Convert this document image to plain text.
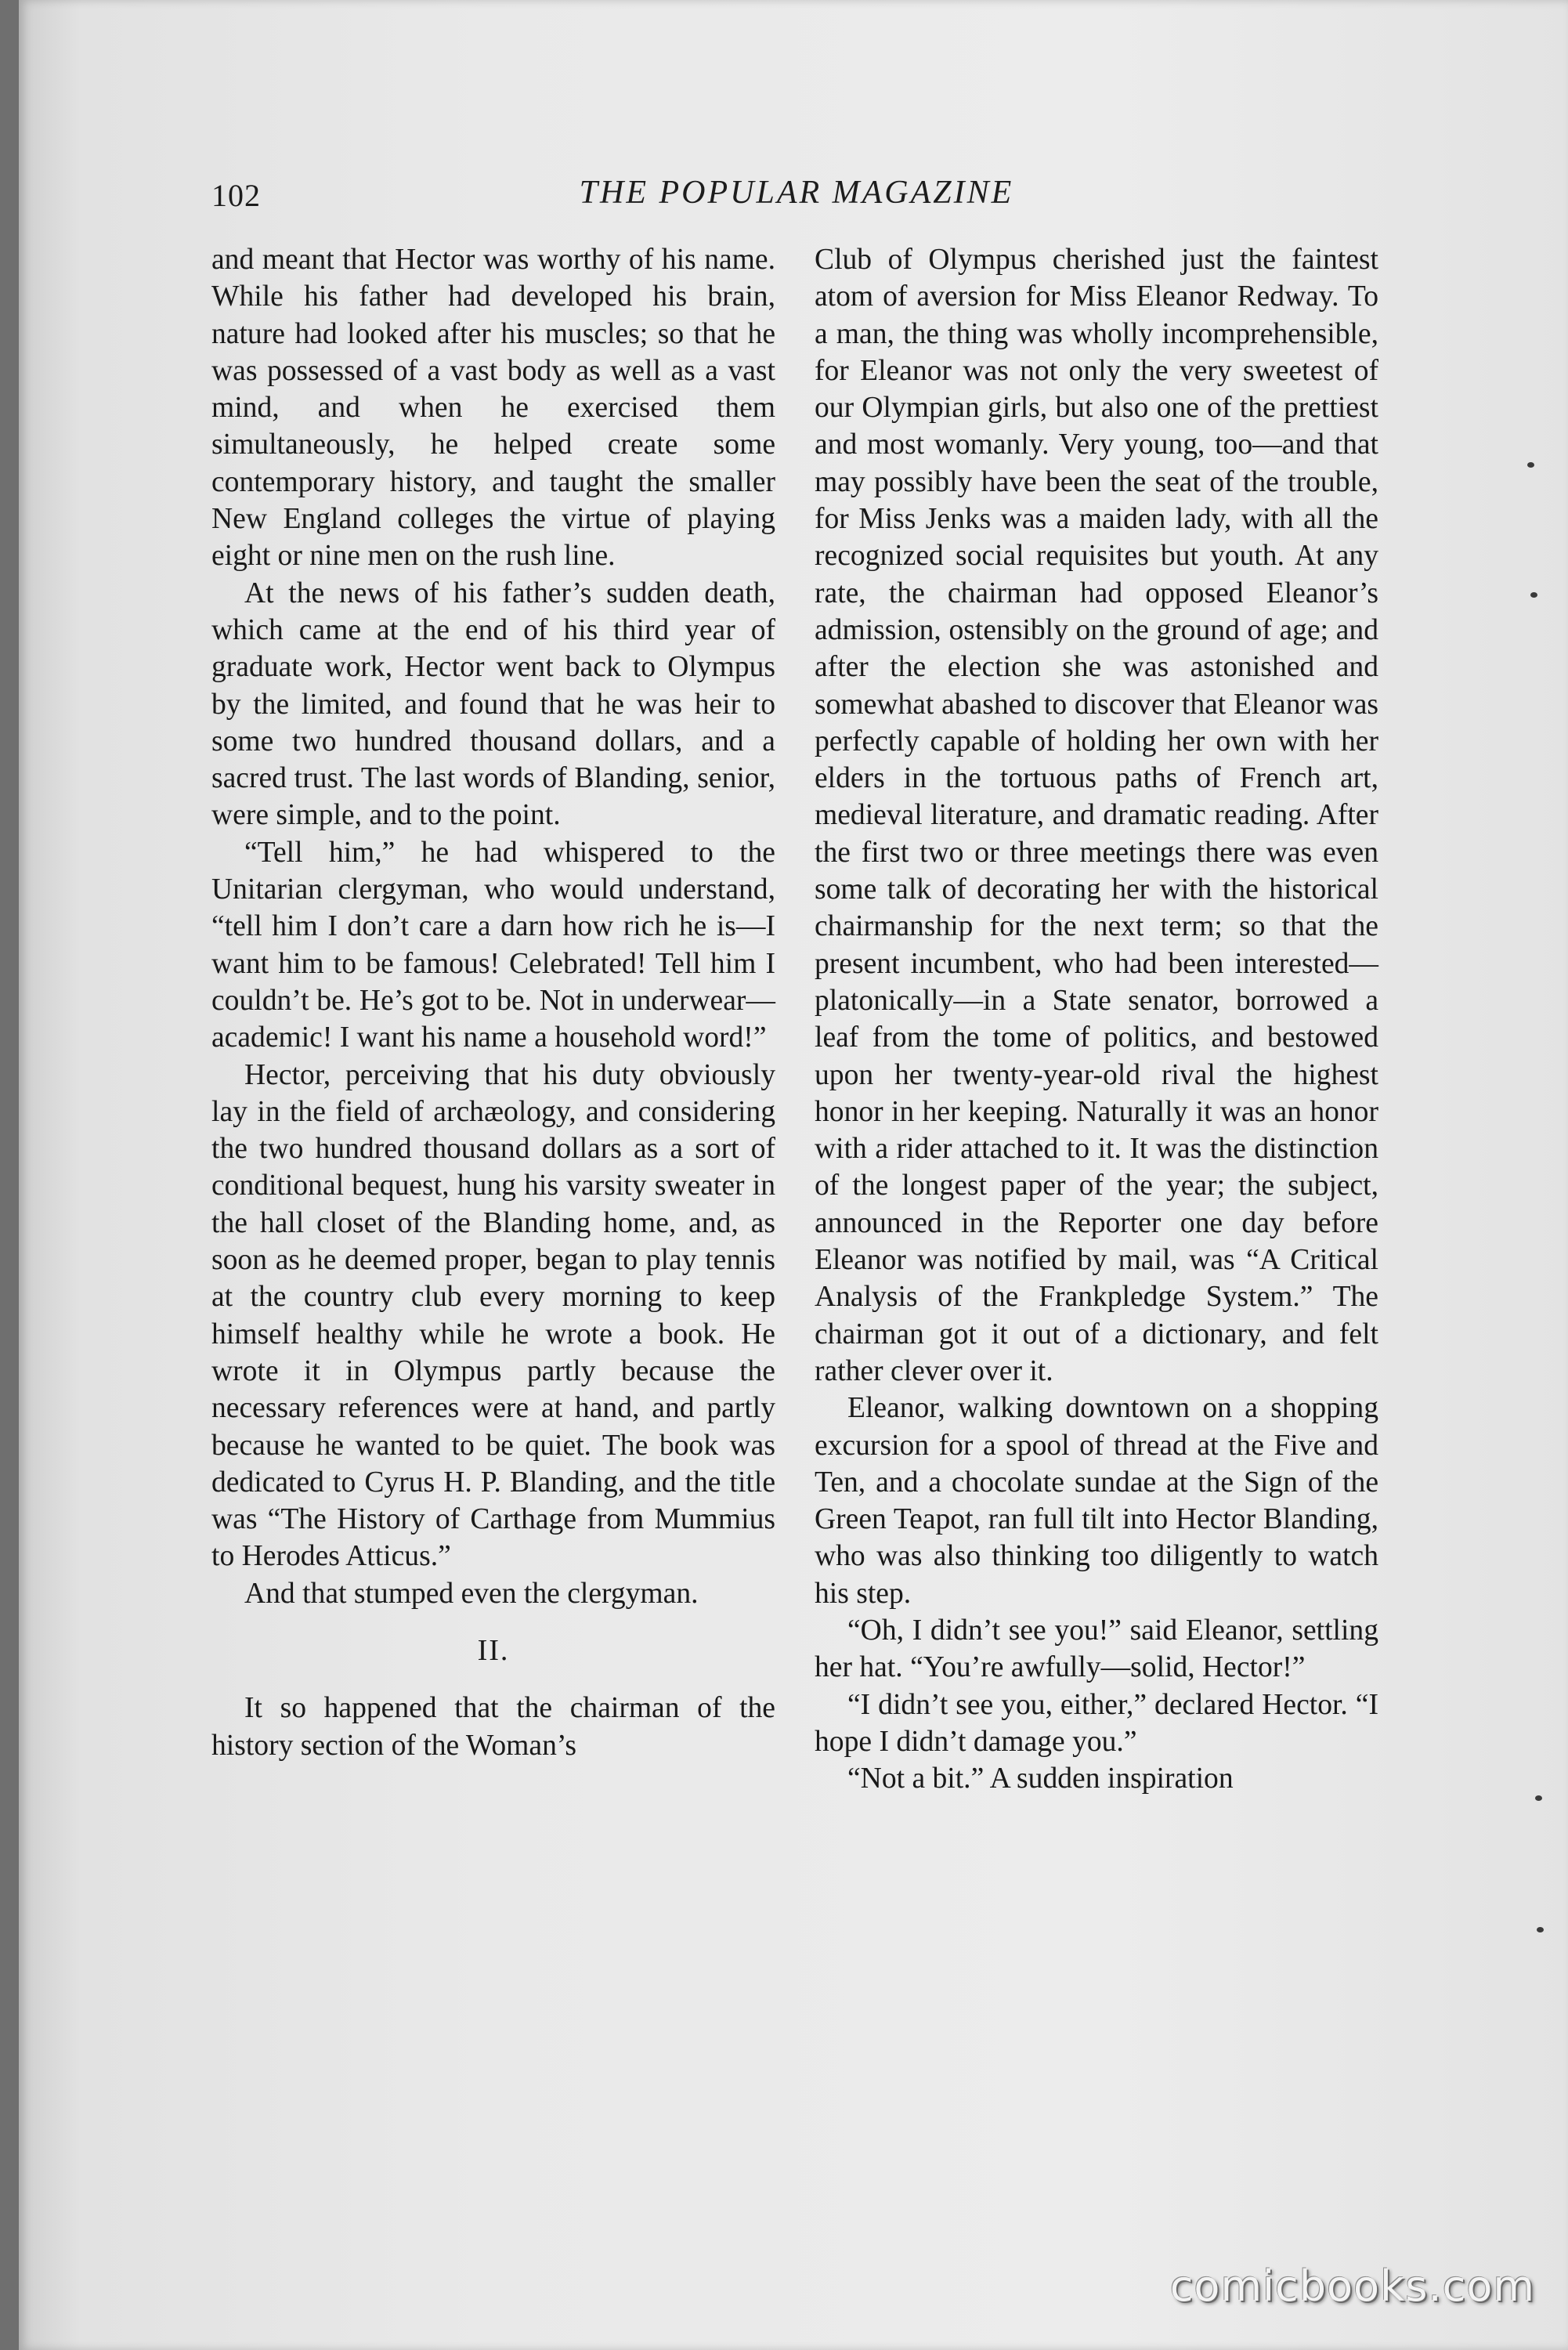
102	THE POPULAR MAGAZINE

and meant that Hector was worthy of his name. While his father had developed his brain, nature had looked after his muscles; so that he was possessed of a vast body as well as a vast mind, and when he exercised them simultaneously, he helped create some contemporary history, and taught the smaller New England colleges the virtue of playing eight or nine men on the rush line.

At the news of his father’s sudden death, which came at the end of his third year of graduate work, Hector went back to Olympus by the limited, and found that he was heir to some two hundred thousand dollars, and a sacred trust. The last words of Blanding, senior, were simple, and to the point.

“Tell him,” he had whispered to the Unitarian clergyman, who would understand, “tell him I don’t care a darn how rich he is—I want him to be famous! Celebrated! Tell him I couldn’t be. He’s got to be. Not in underwear—academic! I want his name a household word!”

Hector, perceiving that his duty obviously lay in the field of archæology, and considering the two hundred thousand dollars as a sort of conditional bequest, hung his varsity sweater in the hall closet of the Blanding home, and, as soon as he deemed proper, began to play tennis at the country club every morning to keep himself healthy while he wrote a book. He wrote it in Olympus partly because the necessary references were at hand, and partly because he wanted to be quiet. The book was dedicated to Cyrus H. P. Blanding, and the title was “The History of Carthage from Mummius to Herodes Atticus.”

And that stumped even the clergyman.

II.

It so happened that the chairman of the history section of the Woman’s

Club of Olympus cherished just the faintest atom of aversion for Miss Eleanor Redway. To a man, the thing was wholly incomprehensible, for Eleanor was not only the very sweetest of our Olympian girls, but also one of the prettiest and most womanly. Very young, too—and that may possibly have been the seat of the trouble, for Miss Jenks was a maiden lady, with all the recognized social requisites but youth. At any rate, the chairman had opposed Eleanor’s admission, ostensibly on the ground of age; and after the election she was astonished and somewhat abashed to discover that Eleanor was perfectly capable of holding her own with her elders in the tortuous paths of French art, medieval literature, and dramatic reading. After the first two or three meetings there was even some talk of decorating her with the historical chairmanship for the next term; so that the present incumbent, who had been interested—platonically—in a State senator, borrowed a leaf from the tome of politics, and bestowed upon her twenty-year-old rival the highest honor in her keeping. Naturally it was an honor with a rider attached to it. It was the distinction of the longest paper of the year; the subject, announced in the Reporter one day before Eleanor was notified by mail, was “A Critical Analysis of the Frankpledge System.” The chairman got it out of a dictionary, and felt rather clever over it.

Eleanor, walking downtown on a shopping excursion for a spool of thread at the Five and Ten, and a chocolate sundae at the Sign of the Green Teapot, ran full tilt into Hector Blanding, who was also thinking too diligently to watch his step.

“Oh, I didn’t see you!” said Eleanor, settling her hat. “You’re awfully—solid, Hector!”

“I didn’t see you, either,” declared Hector. “I hope I didn’t damage you.”

“Not a bit.” A sudden inspiration

comicbooks.com
